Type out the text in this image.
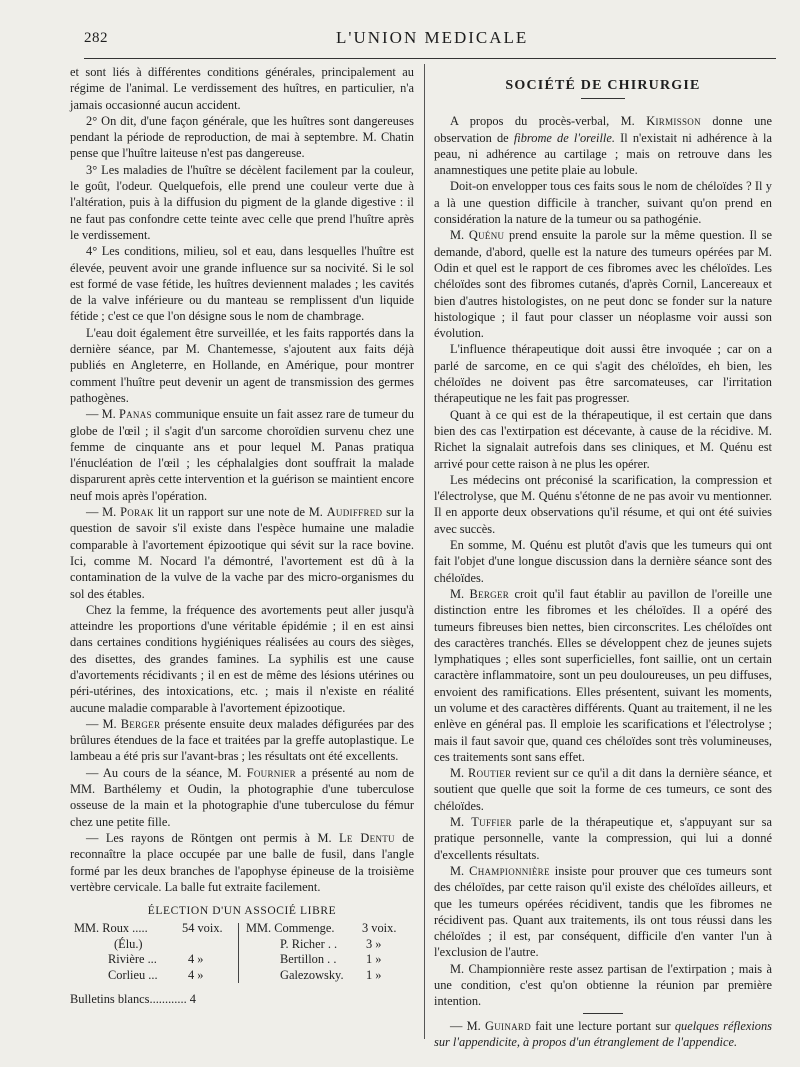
282	L'UNION MEDICALE

et sont liés à différentes conditions générales, principalement au régime de l'animal. Le verdissement des huîtres, en particulier, n'a jamais occasionné aucun accident.

2° On dit, d'une façon générale, que les huîtres sont dangereuses pendant la période de reproduction, de mai à septembre. M. Chatin pense que l'huître laiteuse n'est pas dangereuse.

3° Les maladies de l'huître se décèlent facilement par la couleur, le goût, l'odeur. Quelquefois, elle prend une couleur verte due à l'altération, puis à la diffusion du pigment de la glande digestive : il ne faut pas confondre cette teinte avec celle que prend l'huître après le verdissement.

4° Les conditions, milieu, sol et eau, dans lesquelles l'huître est élevée, peuvent avoir une grande influence sur sa nocivité. Si le sol est formé de vase fétide, les huîtres deviennent malades ; les cavités de la valve inférieure ou du manteau se remplissent d'un liquide fétide ; c'est ce que l'on désigne sous le nom de chambrage.

L'eau doit également être surveillée, et les faits rapportés dans la dernière séance, par M. Chantemesse, s'ajoutent aux faits déjà publiés en Angleterre, en Hollande, en Amérique, pour montrer comment l'huître peut devenir un agent de transmission des germes pathogènes.

— M. Panas communique ensuite un fait assez rare de tumeur du globe de l'œil ; il s'agit d'un sarcome choroïdien survenu chez une femme de cinquante ans et pour lequel M. Panas pratiqua l'énucléation de l'œil ; les céphalalgies dont souffrait la malade disparurent après cette intervention et la guérison se maintient encore neuf mois après l'opération.

— M. Porak lit un rapport sur une note de M. Audiffred sur la question de savoir s'il existe dans l'espèce humaine une maladie comparable à l'avortement épizootique qui sévit sur la race bovine. Ici, comme M. Nocard l'a démontré, l'avortement est dû à la contamination de la vulve de la vache par des micro-organismes du sol des étables.

Chez la femme, la fréquence des avortements peut aller jusqu'à atteindre les proportions d'une véritable épidémie ; il en est ainsi dans certaines conditions hygiéniques réalisées au cours des sièges, des disettes, des grandes famines. La syphilis est une cause d'avortements récidivants ; il en est de même des lésions utérines ou péri-utérines, des intoxications, etc. ; mais il n'existe en réalité aucune maladie comparable à l'avortement épizootique.

— M. Berger présente ensuite deux malades défigurées par des brûlures étendues de la face et traitées par la greffe autoplastique. Le lambeau a été pris sur l'avant-bras ; les résultats ont été excellents.

— Au cours de la séance, M. Fournier a présenté au nom de MM. Barthélemy et Oudin, la photographie d'une tuberculose osseuse de la main et la photographie d'une tuberculose du fémur chez une petite fille.

— Les rayons de Röntgen ont permis à M. Le Dentu de reconnaître la place occupée par une balle de fusil, dans l'angle formé par les deux branches de l'apophyse épineuse de la troisième vertèbre cervicale. La balle fut extraite facilement.

ÉLECTION D'UN ASSOCIÉ LIBRE

MM. Roux .....	54 voix.
(Élu.)
Rivière ...	4 »
Corlieu ... 4 »
MM. Commenge. 3 voix.
P. Richer . . 3 »
Bertillon . . 1 »
Galezowsky. 1 »

Bulletins blancs............ 4

SOCIÉTÉ DE CHIRURGIE

A propos du procès-verbal, M. Kirmisson donne une observation de fibrome de l'oreille. Il n'existait ni adhérence à la peau, ni adhérence au cartilage ; mais on retrouve dans les anamnestiques une petite plaie au lobule.

Doit-on envelopper tous ces faits sous le nom de chéloïdes ? Il y a là une question difficile à trancher, suivant qu'on prend en considération la nature de la tumeur ou sa pathogénie.

M. Quénu prend ensuite la parole sur la même question. Il se demande, d'abord, quelle est la nature des tumeurs opérées par M. Odin et quel est le rapport de ces fibromes avec les chéloïdes. Les chéloïdes sont des fibromes cutanés, d'après Cornil, Lancereaux et bien d'autres histologistes, on ne peut donc se fonder sur la nature histologique ; il faut pour classer un néoplasme voir aussi son évolution.

L'influence thérapeutique doit aussi être invoquée ; car on a parlé de sarcome, en ce qui s'agit des chéloïdes, eh bien, les chéloïdes ne doivent pas être sarcomateuses, car l'irritation thérapeutique ne les fait pas progresser.

Quant à ce qui est de la thérapeutique, il est certain que dans bien des cas l'extirpation est décevante, à cause de la récidive. M. Richet la signalait autrefois dans ses cliniques, et M. Quénu est arrivé pour cette raison à ne plus les opérer.

Les médecins ont préconisé la scarification, la compression et l'électrolyse, que M. Quénu s'étonne de ne pas avoir vu mentionner. Il en apporte deux observations qu'il résume, et qui ont été suivies avec succès.

En somme, M. Quénu est plutôt d'avis que les tumeurs qui ont fait l'objet d'une longue discussion dans la dernière séance sont des chéloïdes.

M. Berger croit qu'il faut établir au pavillon de l'oreille une distinction entre les fibromes et les chéloïdes. Il a opéré des tumeurs fibreuses bien nettes, bien circonscrites. Les chéloïdes ont des caractères tranchés. Elles se développent chez de jeunes sujets lymphatiques ; elles sont superficielles, font saillie, ont un certain caractère inflammatoire, sont un peu douloureuses, un peu diffuses, envoient des ramifications. Elles présentent, suivant les moments, un volume et des caractères différents. Quant au traitement, il ne les enlève en général pas. Il emploie les scarifications et l'électrolyse ; mais il faut savoir que, quand ces chéloïdes sont très volumineuses, ces traitements sont sans effet.

M. Routier revient sur ce qu'il a dit dans la dernière séance, et soutient que quelle que soit la forme de ces tumeurs, ce sont des chéloïdes.

M. Tuffier parle de la thérapeutique et, s'appuyant sur sa pratique personnelle, vante la compression, qui lui a donné d'excellents résultats.

M. Championnière insiste pour prouver que ces tumeurs sont des chéloïdes, par cette raison qu'il existe des chéloïdes ailleurs, et que les tumeurs opérées récidivent, tandis que les fibromes ne récidivent pas. Quant aux traitements, ils ont tous réussi dans les chéloïdes ; il est, par conséquent, difficile d'en vanter l'un à l'exclusion de l'autre.

M. Championnière reste assez partisan de l'extirpation ; mais à une condition, c'est qu'on obtienne la réunion par première intention.

— M. Guinard fait une lecture portant sur quelques réflexions sur l'appendicite, à propos d'un étranglement de l'appendice.
